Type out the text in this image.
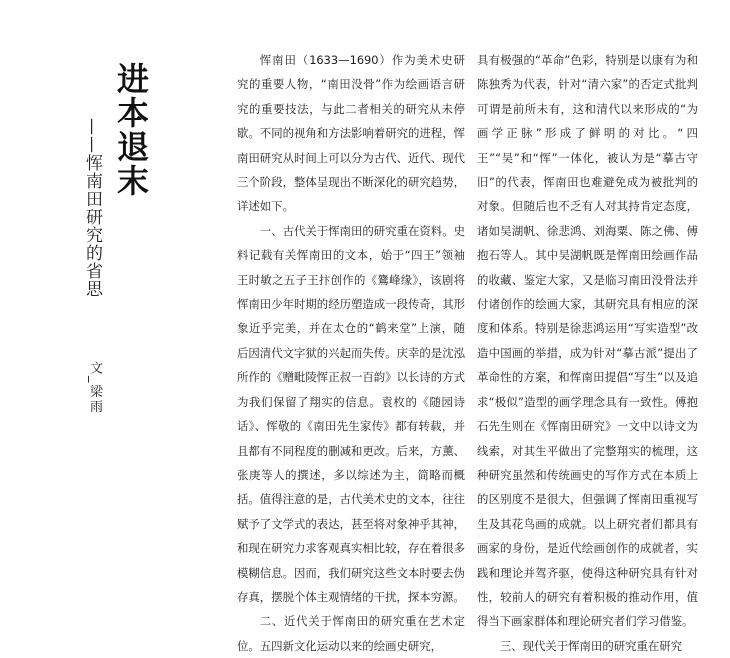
进本退末
——恽南田研究的省思
文_梁雨

恽南田（1633—1690）作为美术史研究的重要人物，“南田没骨”作为绘画语言研究的重要技法，与此二者相关的研究从未停歇。不同的视角和方法影响着研究的进程，恽南田研究从时间上可以分为古代、近代、现代三个阶段，整体呈现出不断深化的研究趋势，详述如下。

一、古代关于恽南田的研究重在资料。史料记载有关恽南田的文本，始于“四王”领袖王时敏之五子王抃创作的《鷟峰缘》，该剧将恽南田少年时期的经历塑造成一段传奇，其形象近乎完美，并在太仓的“鹤来堂”上演，随后因清代文字狱的兴起而失传。庆幸的是沈泓所作的《赠毗陵恽正叔一百韵》以长诗的方式为我们保留了翔实的信息。袁枚的《随园诗话》、恽敬的《南田先生家传》都有转载，并且都有不同程度的删减和更改。后来，方薰、张庚等人的撰述，多以综述为主，简略而概括。值得注意的是，古代美术史的文本，往往赋予了文学式的表达，甚至将对象神乎其神，和现在研究力求客观真实相比较，存在着很多模糊信息。因而，我们研究这些文本时要去伪存真，摆脱个体主观情绪的干扰，探本穷源。

二、近代关于恽南田的研究重在艺术定位。五四新文化运动以来的绘画史研究，

具有极强的“革命”色彩，特别是以康有为和陈独秀为代表，针对“清六家”的否定式批判可谓是前所未有，这和清代以来形成的“为画学正脉”形成了鲜明的对比。“四王”“吴”和“恽”一体化，被认为是“摹古守旧”的代表，恽南田也难避免成为被批判的对象。但随后也不乏有人对其持肯定态度，诸如吴湖帆、徐悲鸿、刘海粟、陈之佛、傅抱石等人。其中吴湖帆既是恽南田绘画作品的收藏、鉴定大家，又是临习南田没骨法并付诸创作的绘画大家，其研究具有相应的深度和体系。特别是徐悲鸿运用“写实造型”改造中国画的举措，成为针对“摹古派”提出了革命性的方案，和恽南田提倡“写生”以及追求“极似”造型的画学理念具有一致性。傅抱石先生则在《恽南田研究》一文中以诗文为线索，对其生平做出了完整翔实的梳理，这种研究虽然和传统画史的写作方式在本质上的区别度不是很大，但强调了恽南田重视写生及其花鸟画的成就。以上研究者们都具有画家的身份，是近代绘画创作的成就者，实践和理论并驾齐驱，使得这种研究具有针对性，较前人的研究有着积极的推动作用，值得当下画家群体和理论研究者们学习借鉴。

三、现代关于恽南田的研究重在研究
